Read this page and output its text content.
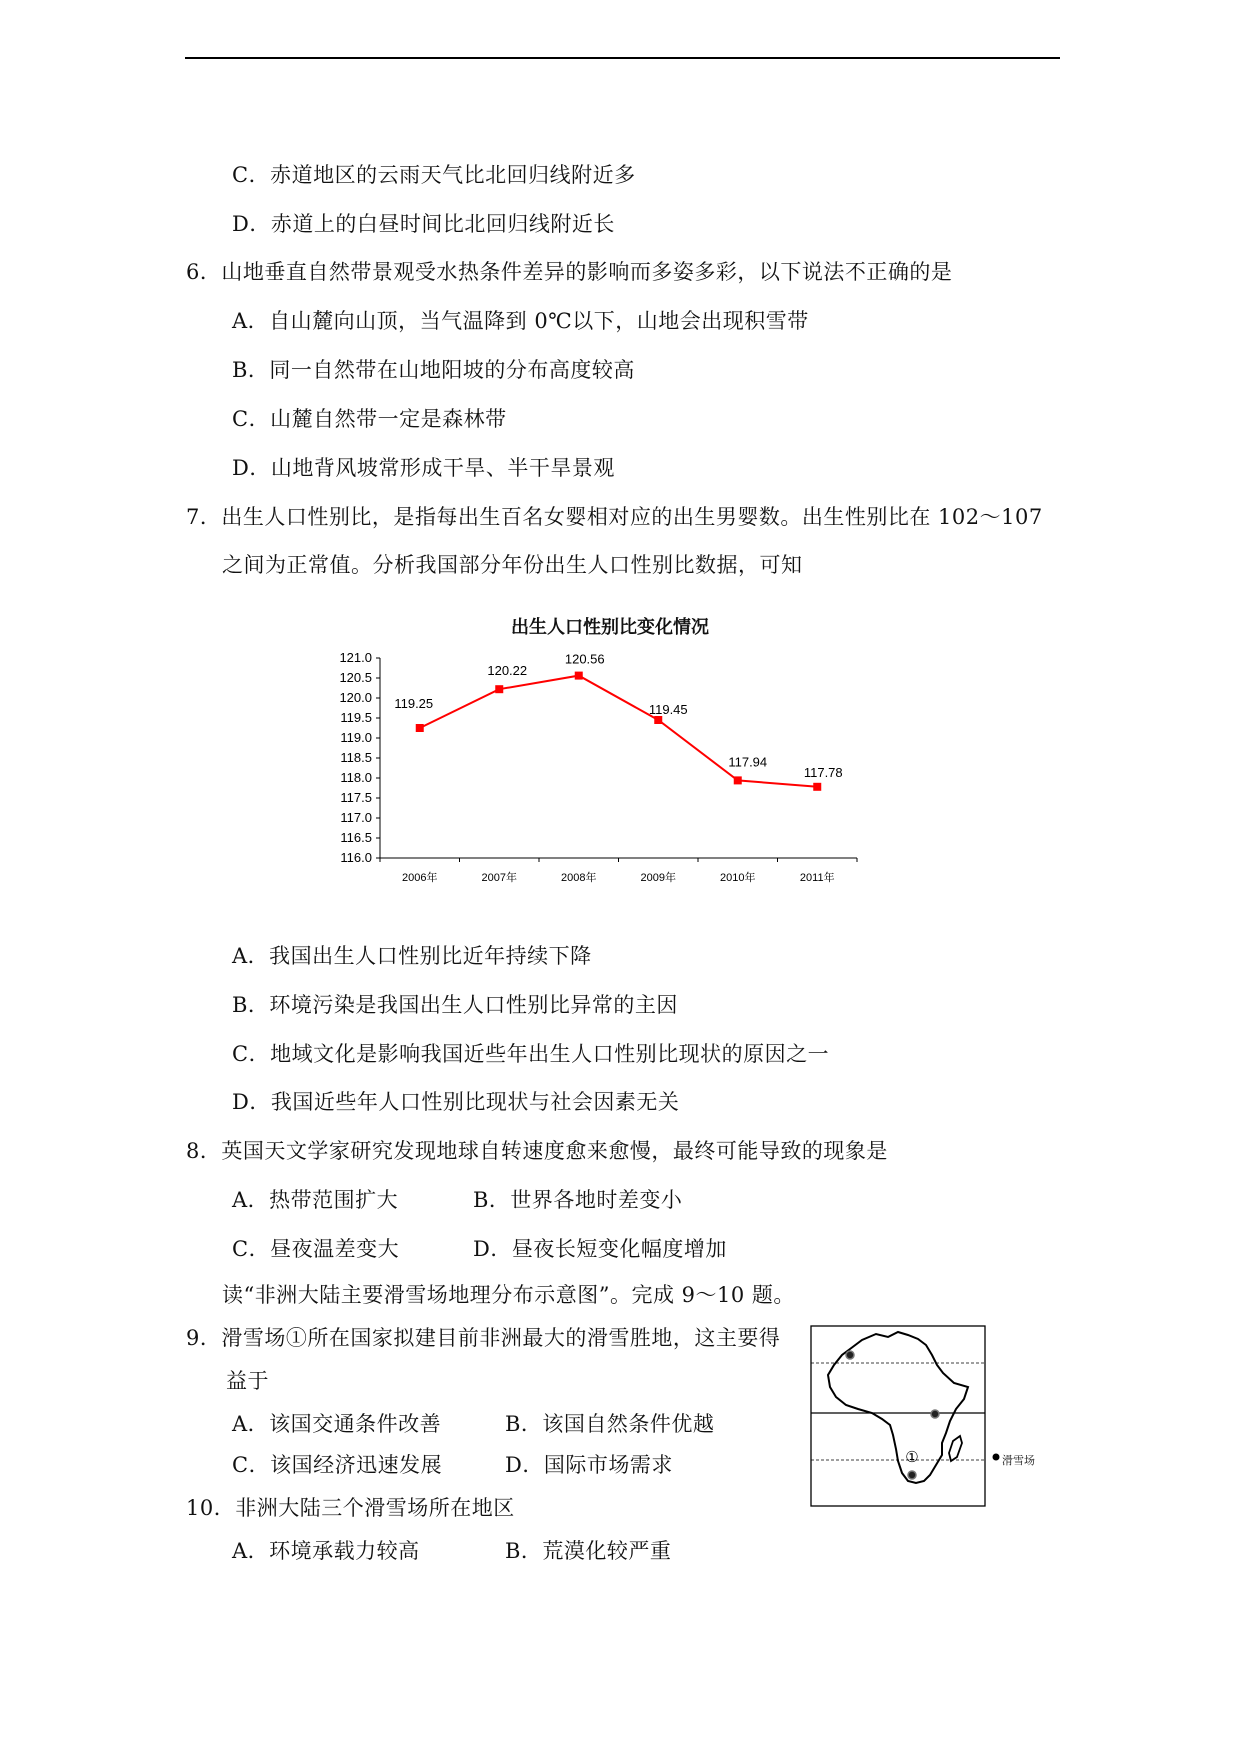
C．赤道地区的云雨天气比北回归线附近多
D．赤道上的白昼时间比北回归线附近长
6．山地垂直自然带景观受水热条件差异的影响而多姿多彩，以下说法不正确的是
A．自山麓向山顶，当气温降到 0℃以下，山地会出现积雪带
B．同一自然带在山地阳坡的分布高度较高
C．山麓自然带一定是森林带
D．山地背风坡常形成干旱、半干旱景观
7．出生人口性别比，是指每出生百名女婴相对应的出生男婴数。出生性别比在 102～107
之间为正常值。分析我国部分年份出生人口性别比数据，可知
出生人口性别比变化情况
116.0
116.5
117.0
117.5
118.0
118.5
119.0
119.5
120.0
120.5
121.0
2006年	2007年	2008年	2009年	2010年	2011年
119.25
120.22
120.56
119.45
117.94
117.78
A．我国出生人口性别比近年持续下降
B．环境污染是我国出生人口性别比异常的主因
C．地域文化是影响我国近些年出生人口性别比现状的原因之一
D．我国近些年人口性别比现状与社会因素无关
8．英国天文学家研究发现地球自转速度愈来愈慢，最终可能导致的现象是
A．热带范围扩大	B．世界各地时差变小
C．昼夜温差变大	D．昼夜长短变化幅度增加
读“非洲大陆主要滑雪场地理分布示意图”。完成 9～10 题。
9．滑雪场①所在国家拟建目前非洲最大的滑雪胜地，这主要得
益于
A．该国交通条件改善	B．该国自然条件优越
C．该国经济迅速发展	D．国际市场需求
10．非洲大陆三个滑雪场所在地区
A．环境承载力较高	B．荒漠化较严重
①	滑雪场
